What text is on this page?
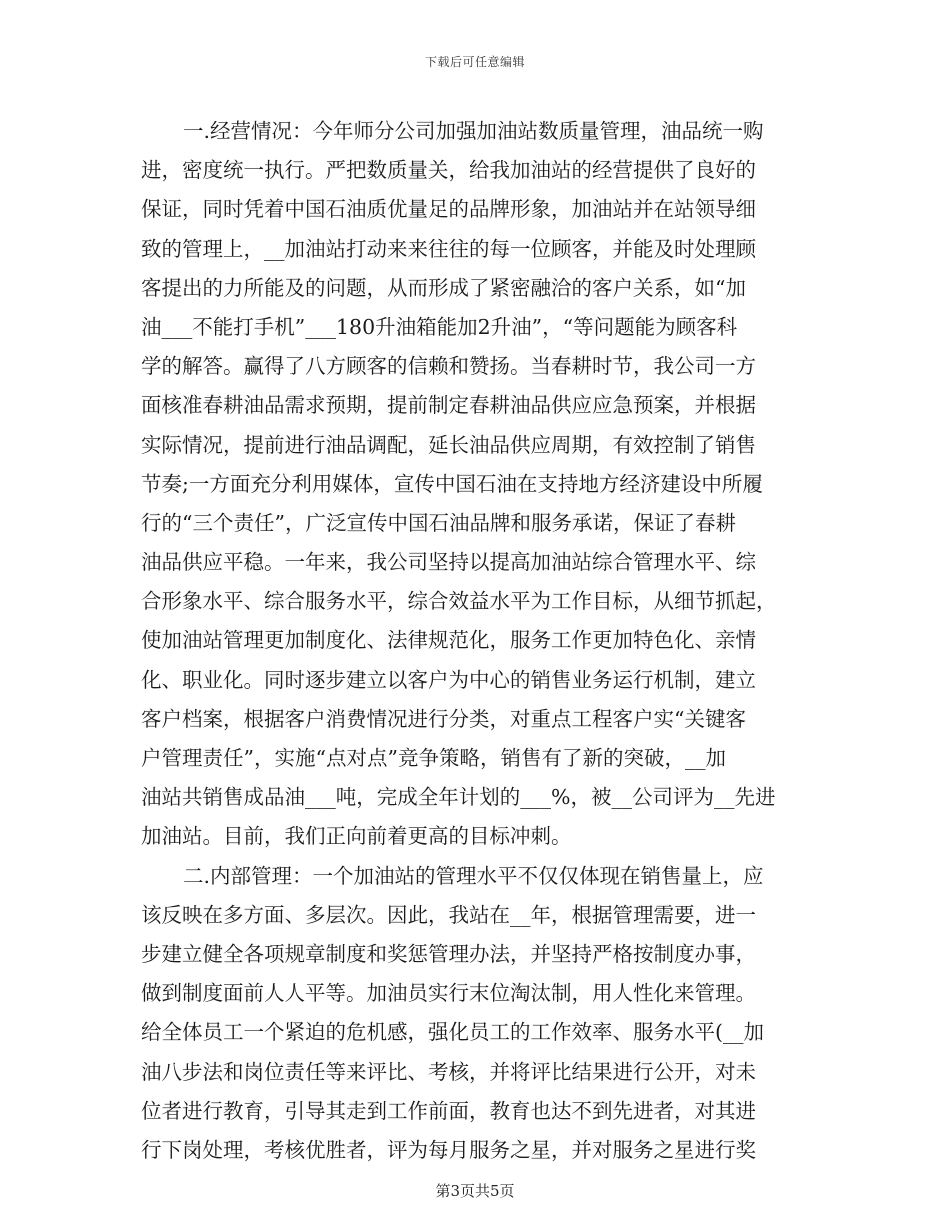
下载后可任意编辑
一.经营情况：今年师分公司加强加油站数质量管理，油品统一购
进，密度统一执行。严把数质量关，给我加油站的经营提供了良好的
保证，同时凭着中国石油质优量足的品牌形象，加油站并在站领导细
致的管理上，__加油站打动来来往往的每一位顾客，并能及时处理顾
客提出的力所能及的问题，从而形成了紧密融洽的客户关系，如“加
油___不能打手机”___180升油箱能加2升油”，“等问题能为顾客科
学的解答。赢得了八方顾客的信赖和赞扬。当春耕时节，我公司一方
面核准春耕油品需求预期，提前制定春耕油品供应应急预案，并根据
实际情况，提前进行油品调配，延长油品供应周期，有效控制了销售
节奏;一方面充分利用媒体，宣传中国石油在支持地方经济建设中所履
行的“三个责任”，广泛宣传中国石油品牌和服务承诺，保证了春耕
油品供应平稳。一年来，我公司坚持以提高加油站综合管理水平、综
合形象水平、综合服务水平，综合效益水平为工作目标，从细节抓起，
使加油站管理更加制度化、法律规范化，服务工作更加特色化、亲情
化、职业化。同时逐步建立以客户为中心的销售业务运行机制，建立
客户档案，根据客户消费情况进行分类，对重点工程客户实“关键客
户管理责任”，实施“点对点”竞争策略，销售有了新的突破，__加
油站共销售成品油___吨，完成全年计划的___%，被__公司评为__先进
加油站。目前，我们正向前着更高的目标冲刺。
二.内部管理：一个加油站的管理水平不仅仅体现在销售量上，应
该反映在多方面、多层次。因此，我站在__年，根据管理需要，进一
步建立健全各项规章制度和奖惩管理办法，并坚持严格按制度办事，
做到制度面前人人平等。加油员实行末位淘汰制，用人性化来管理。
给全体员工一个紧迫的危机感，强化员工的工作效率、服务水平(__加
油八步法和岗位责任等来评比、考核，并将评比结果进行公开，对未
位者进行教育，引导其走到工作前面，教育也达不到先进者，对其进
行下岗处理，考核优胜者，评为每月服务之星，并对服务之星进行奖
第3页共5页
